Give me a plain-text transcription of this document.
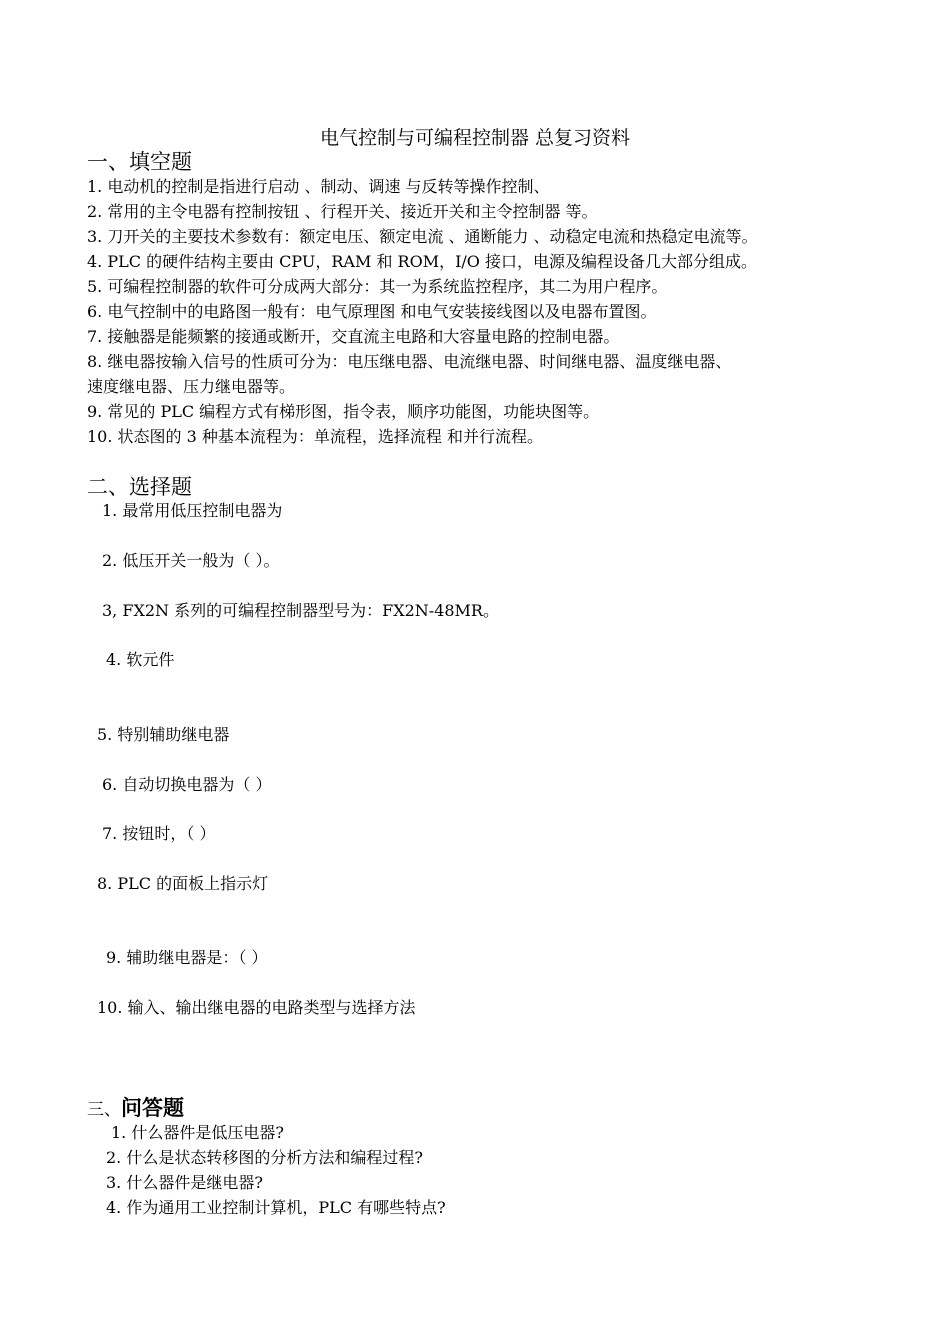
电气控制与可编程控制器 总复习资料
一、填空题
1. 电动机的控制是指进行启动 、制动、调速 与反转等操作控制、
2. 常用的主令电器有控制按钮 、行程开关、接近开关和主令控制器 等。
3. 刀开关的主要技术参数有：额定电压、额定电流 、通断能力 、动稳定电流和热稳定电流等。
4. PLC 的硬件结构主要由 CPU，RAM 和 ROM，I/O 接口，电源及编程设备几大部分组成。
5. 可编程控制器的软件可分成两大部分：其一为系统监控程序，其二为用户程序。
6. 电气控制中的电路图一般有：电气原理图 和电气安装接线图以及电器布置图。
7. 接触器是能频繁的接通或断开，交直流主电路和大容量电路的控制电器。
8. 继电器按输入信号的性质可分为：电压继电器、电流继电器、时间继电器、温度继电器、
速度继电器、压力继电器等。
9. 常见的 PLC 编程方式有梯形图，指令表，顺序功能图，功能块图等。
10. 状态图的 3 种基本流程为：单流程，选择流程 和并行流程。
二、选择题
1. 最常用低压控制电器为
2. 低压开关一般为（ ）。
3, FX2N 系列的可编程控制器型号为：FX2N-48MR。
4. 软元件
5. 特别辅助继电器
6. 自动切换电器为（ ）
7. 按钮时，（ ）
8. PLC 的面板上指示灯
9. 辅助继电器是：（ ）
10. 输入、输出继电器的电路类型与选择方法
三、问答题
1. 什么器件是低压电器?
2. 什么是状态转移图的分析方法和编程过程?
3. 什么器件是继电器?
4. 作为通用工业控制计算机，PLC 有哪些特点?
